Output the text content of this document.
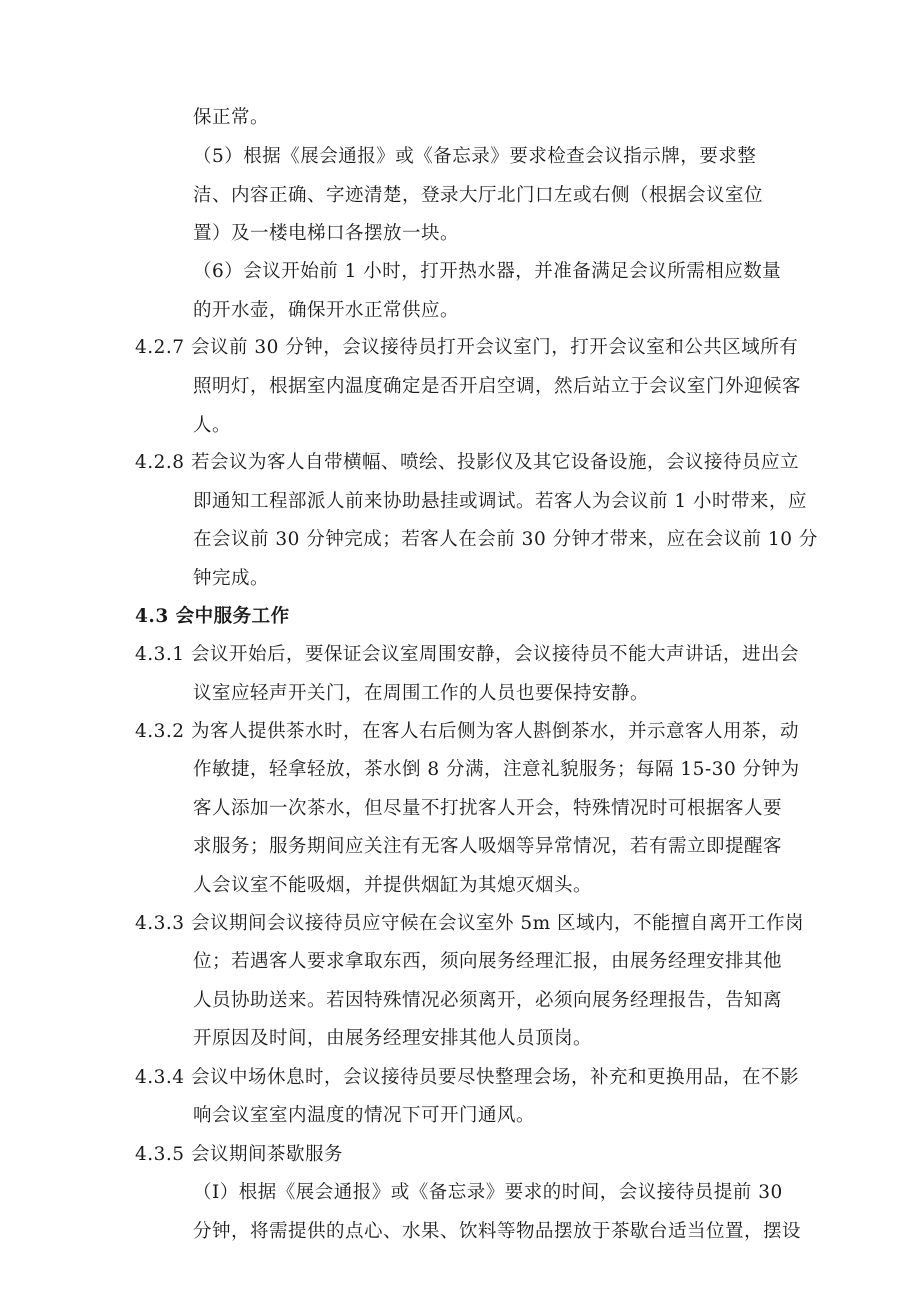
保正常。
（5）根据《展会通报》或《备忘录》要求检查会议指示牌，要求整
洁、内容正确、字迹清楚，登录大厅北门口左或右侧（根据会议室位
置）及一楼电梯口各摆放一块。
（6）会议开始前 1 小时，打开热水器，并准备满足会议所需相应数量
的开水壶，确保开水正常供应。
4.2.7 会议前 30 分钟，会议接待员打开会议室门，打开会议室和公共区域所有
照明灯，根据室内温度确定是否开启空调，然后站立于会议室门外迎候客
人。
4.2.8 若会议为客人自带横幅、喷绘、投影仪及其它设备设施，会议接待员应立
即通知工程部派人前来协助悬挂或调试。若客人为会议前 1 小时带来，应
在会议前 30 分钟完成；若客人在会前 30 分钟才带来，应在会议前 10 分
钟完成。
4.3 会中服务工作
4.3.1 会议开始后，要保证会议室周围安静，会议接待员不能大声讲话，进出会
议室应轻声开关门，在周围工作的人员也要保持安静。
4.3.2 为客人提供茶水时，在客人右后侧为客人斟倒茶水，并示意客人用茶，动
作敏捷，轻拿轻放，茶水倒 8 分满，注意礼貌服务；每隔 15-30 分钟为
客人添加一次茶水，但尽量不打扰客人开会，特殊情况时可根据客人要
求服务；服务期间应关注有无客人吸烟等异常情况，若有需立即提醒客
人会议室不能吸烟，并提供烟缸为其熄灭烟头。
4.3.3 会议期间会议接待员应守候在会议室外 5m 区域内，不能擅自离开工作岗
位；若遇客人要求拿取东西，须向展务经理汇报，由展务经理安排其他
人员协助送来。若因特殊情况必须离开，必须向展务经理报告，告知离
开原因及时间，由展务经理安排其他人员顶岗。
4.3.4 会议中场休息时，会议接待员要尽快整理会场，补充和更换用品，在不影
响会议室室内温度的情况下可开门通风。
4.3.5 会议期间茶歇服务
（I）根据《展会通报》或《备忘录》要求的时间，会议接待员提前 30
分钟，将需提供的点心、水果、饮料等物品摆放于茶歇台适当位置，摆设
